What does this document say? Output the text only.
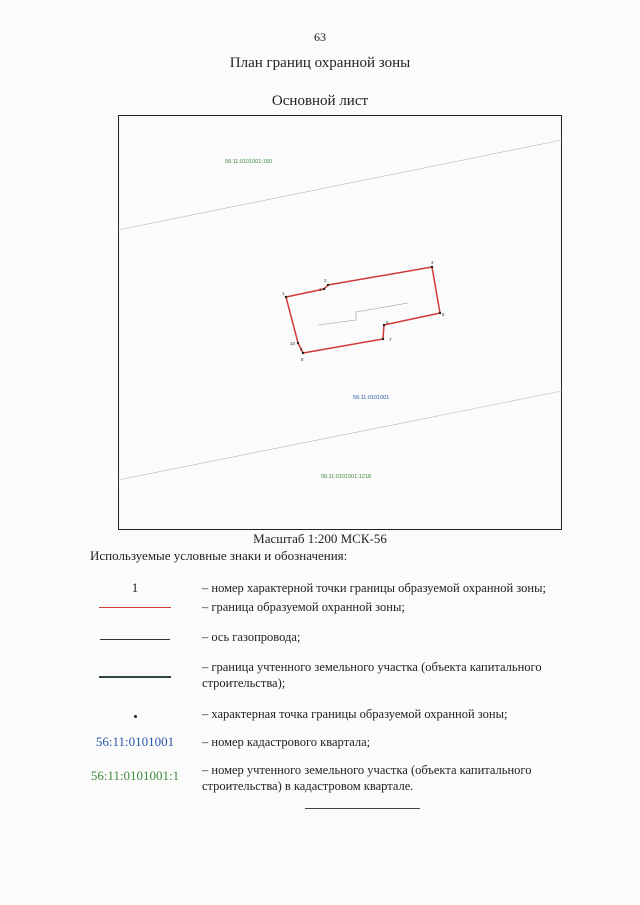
63
План границ охранной зоны
Основной лист
1
2
3
4
5
6
7
8
9
10
56:11:0101001:180
56:11:0101001
56:11:0101001:1218
Масштаб 1:200 МСК-56
Используемые условные знаки и обозначения:
1	– номер характерной точки границы образуемой охранной зоны;
– граница образуемой охранной зоны;
– ось газопровода;
– граница учтенного земельного участка (объекта капитального строительства);
– характерная точка границы образуемой охранной зоны;
56:11:0101001 – номер кадастрового квартала;
56:11:0101001:1 – номер учтенного земельного участка (объекта капитального строительства) в кадастровом квартале.
